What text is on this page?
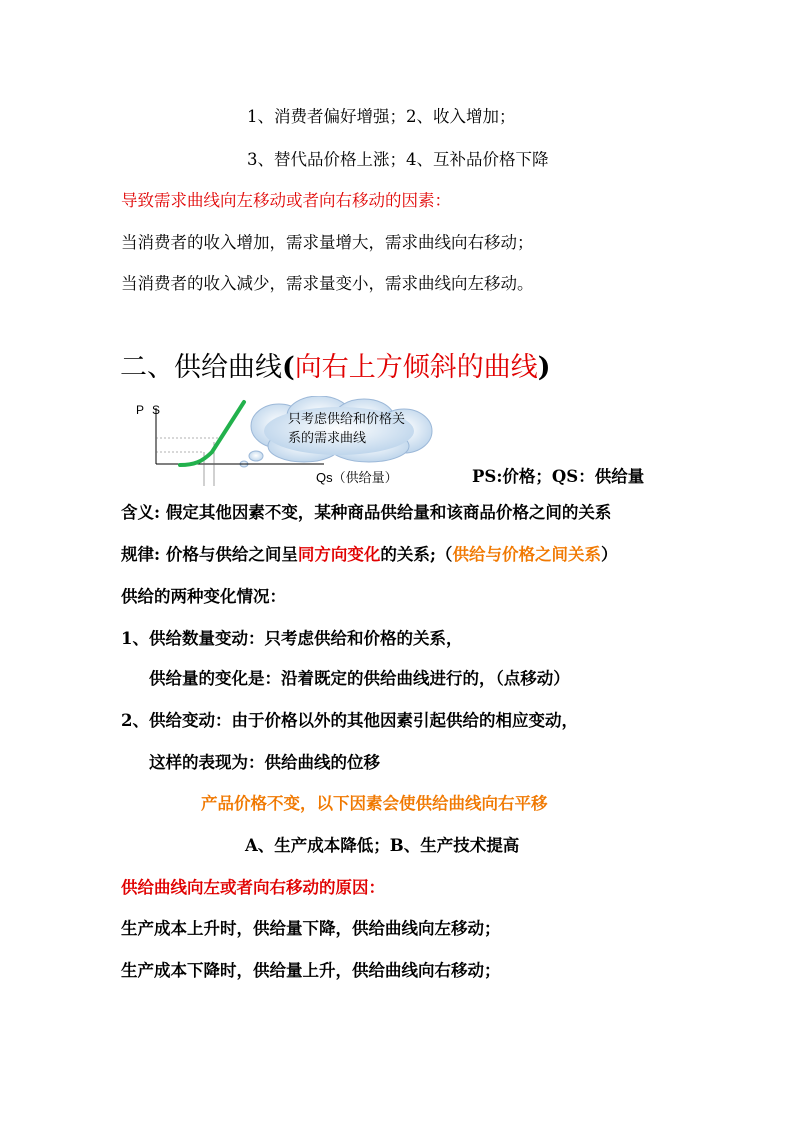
1、消费者偏好增强；2、收入增加；
3、替代品价格上涨；4、互补品价格下降
导致需求曲线向左移动或者向右移动的因素：
当消费者的收入增加，需求量增大，需求曲线向右移动；
当消费者的收入减少，需求量变小，需求曲线向左移动。
二、供给曲线(向右上方倾斜的曲线)
只考虑供给和价格关
系的需求曲线
P S
Qs（供给量）	PS:价格；QS：供给量
含义: 假定其他因素不变，某种商品供给量和该商品价格之间的关系
规律: 价格与供给之间呈同方向变化的关系;（供给与价格之间关系）
供给的两种变化情况：
1、供给数量变动：只考虑供给和价格的关系，
供给量的变化是：沿着既定的供给曲线进行的，（点移动）
2、供给变动：由于价格以外的其他因素引起供给的相应变动，
这样的表现为：供给曲线的位移
产品价格不变，以下因素会使供给曲线向右平移
A、生产成本降低；B、生产技术提高
供给曲线向左或者向右移动的原因：
生产成本上升时，供给量下降，供给曲线向左移动；
生产成本下降时，供给量上升，供给曲线向右移动；
